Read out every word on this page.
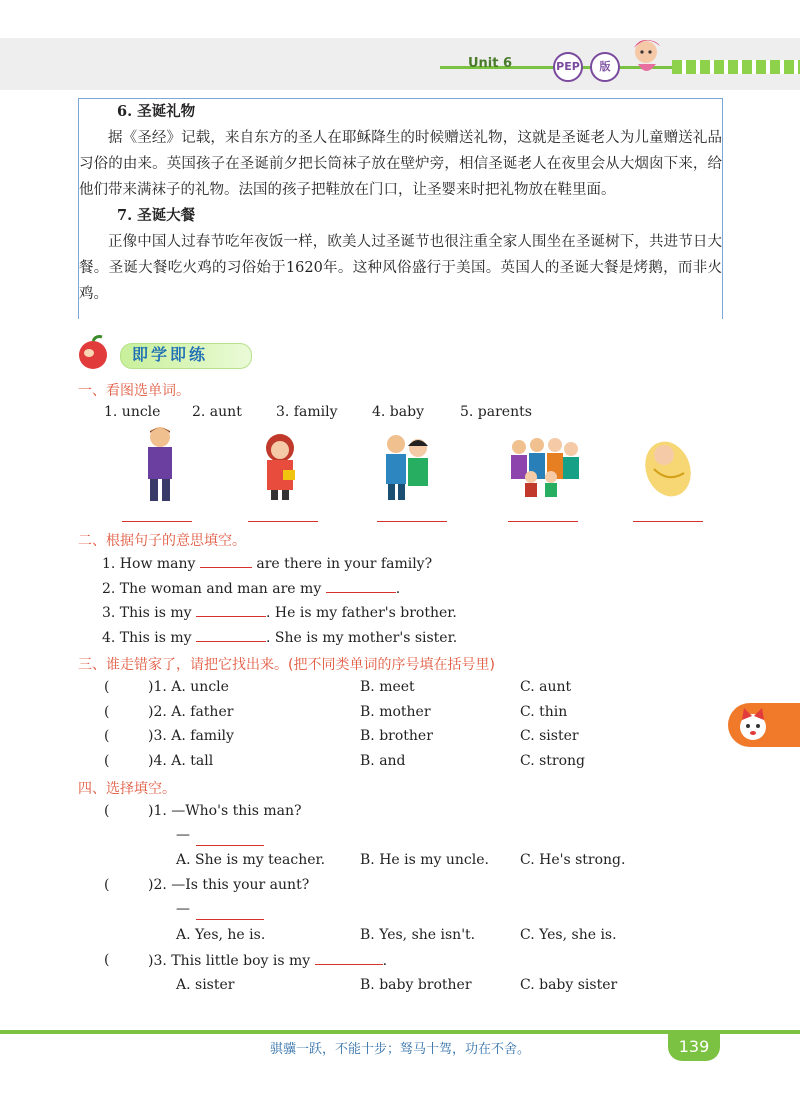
Unit 6	PEP	版

6. 圣诞礼物

据《圣经》记载，来自东方的圣人在耶稣降生的时候赠送礼物，这就是圣诞老人为儿童赠送礼品习俗的由来。英国孩子在圣诞前夕把长筒袜子放在壁炉旁，相信圣诞老人在夜里会从大烟囱下来，给他们带来满袜子的礼物。法国的孩子把鞋放在门口，让圣婴来时把礼物放在鞋里面。

7. 圣诞大餐

正像中国人过春节吃年夜饭一样，欧美人过圣诞节也很注重全家人围坐在圣诞树下，共进节日大餐。圣诞大餐吃火鸡的习俗始于1620年。这种风俗盛行于美国。英国人的圣诞大餐是烤鹅，而非火鸡。

即学即练
一、看图选单词。
1. uncle 2. aunt 3. family 4. baby	5. parents
二、根据句子的意思填空。
1. How many	are there in your family?
2. The woman and man are my	.
3. This is my	. He is my father's brother.
4. This is my	. She is my mother's sister.
三、谁走错家了，请把它找出来。(把不同类单词的序号填在括号里)
(	)1. A. uncle	B. meet	C. aunt
(	)2. A. father	B. mother	C. thin
(	)3. A. family	B. brother	C. sister
(	)4. A. tall	B. and	C. strong
四、选择填空。
(	)1. —Who's this man?
—
A. She is my teacher. B. He is my uncle. C. He's strong.
(	)2. —Is this your aunt?
—
A. Yes, he is.	B. Yes, she isn't.	C. Yes, she is.
(	)3. This little boy is my	.
A. sister	B. baby brother	C. baby sister
骐骥一跃，不能十步；驽马十驾，功在不舍。	139
